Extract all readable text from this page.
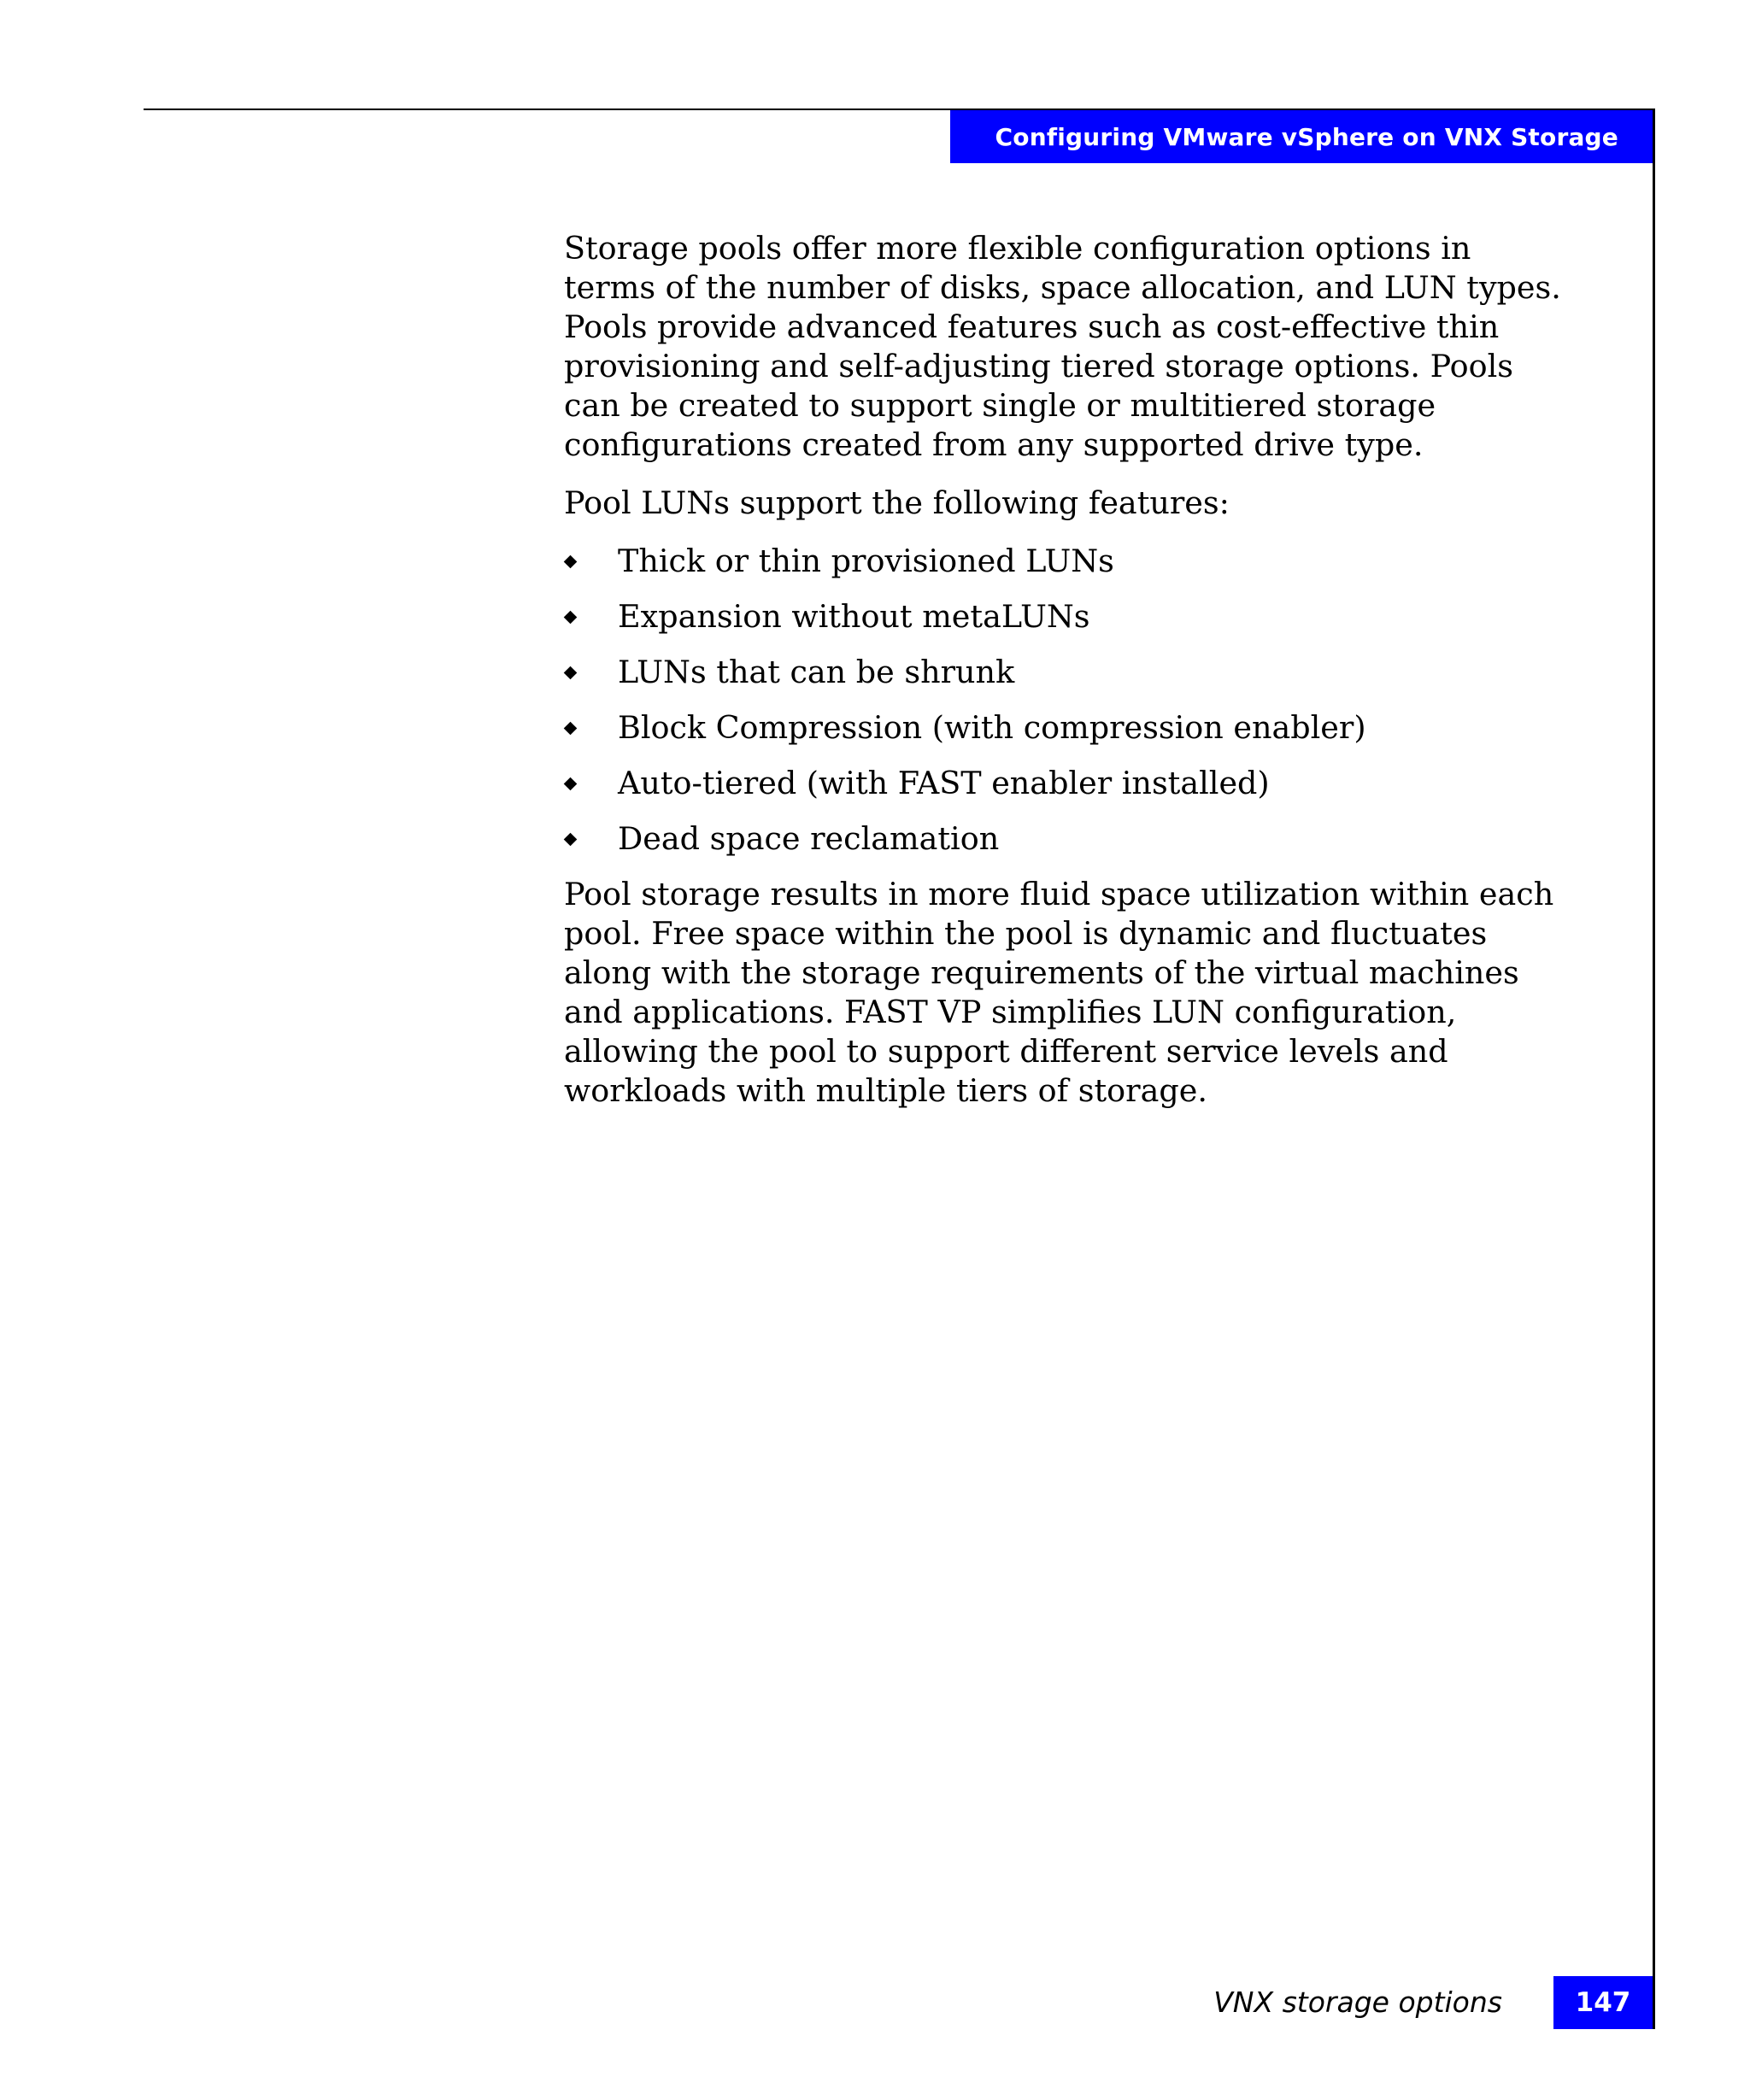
Configuring VMware vSphere on VNX Storage

Storage pools offer more flexible configuration options in terms of the number of disks, space allocation, and LUN types. Pools provide advanced features such as cost-effective thin provisioning and self-adjusting tiered storage options. Pools can be created to support single or multitiered storage configurations created from any supported drive type.

Pool LUNs support the following features:

Thick or thin provisioned LUNs
Expansion without metaLUNs
LUNs that can be shrunk
Block Compression (with compression enabler)
Auto-tiered (with FAST enabler installed)
Dead space reclamation

Pool storage results in more fluid space utilization within each pool. Free space within the pool is dynamic and fluctuates along with the storage requirements of the virtual machines and applications. FAST VP simplifies LUN configuration, allowing the pool to support different service levels and workloads with multiple tiers of storage.

VNX storage options	147
